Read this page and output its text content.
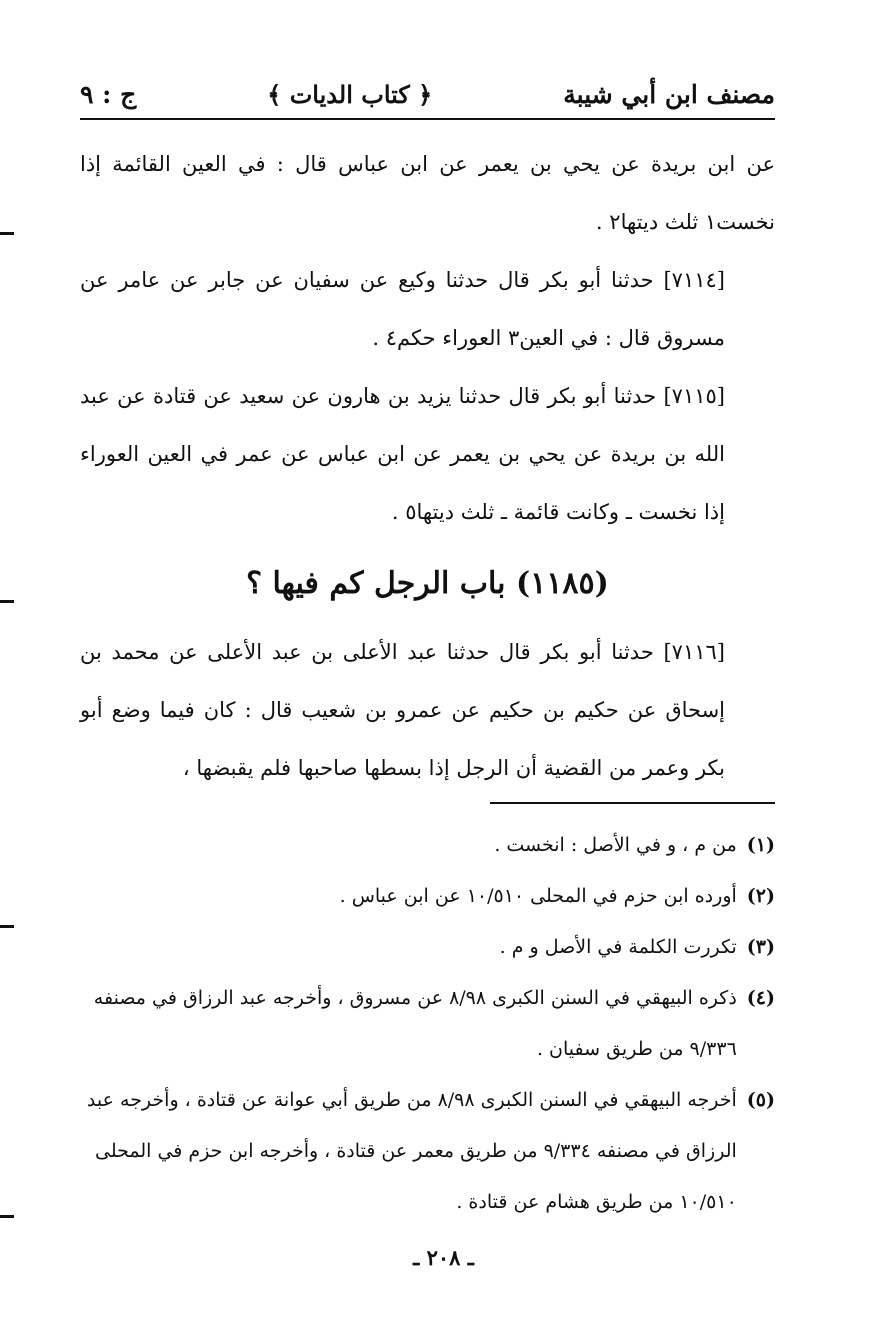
مصنف ابن أبي شيبة
﴿ كتاب الديات ﴾
ج : ٩

عن ابن بريدة عن يحي بن يعمر عن ابن عباس قال : في العين القائمة إذا نخست١ ثلث ديتها٢ .

[٧١١٤] حدثنا أبو بكر قال حدثنا وكيع عن سفيان عن جابر عن عامر عن مسروق قال : في العين٣ العوراء حكم٤ .

[٧١١٥] حدثنا أبو بكر قال حدثنا يزيد بن هارون عن سعيد عن قتادة عن عبد الله بن بريدة عن يحي بن يعمر عن ابن عباس عن عمر في العين العوراء إذا نخست ـ وكانت قائمة ـ ثلث ديتها٥ .

(١١٨٥) باب الرجل كم فيها ؟

[٧١١٦] حدثنا أبو بكر قال حدثنا عبد الأعلى بن عبد الأعلى عن محمد بن إسحاق عن حكيم بن حكيم عن عمرو بن شعيب قال : كان فيما وضع أبو بكر وعمر من القضية أن الرجل إذا بسطها صاحبها فلم يقبضها ،

(١)
من م ، و في الأصل : انخست .

(٢)
أورده ابن حزم في المحلى ١٠/٥١٠ عن ابن عباس .

(٣)
تكررت الكلمة في الأصل و م .

(٤)
ذكره البيهقي في السنن الكبرى ٨/٩٨ عن مسروق ، وأخرجه عبد الرزاق في مصنفه ٩/٣٣٦ من طريق سفيان .

(٥)
أخرجه البيهقي في السنن الكبرى ٨/٩٨ من طريق أبي عوانة عن قتادة ، وأخرجه عبد الرزاق في مصنفه ٩/٣٣٤ من طريق معمر عن قتادة ، وأخرجه ابن حزم في المحلى ١٠/٥١٠ من طريق هشام عن قتادة .

ـ ٢٠٨ ـ
